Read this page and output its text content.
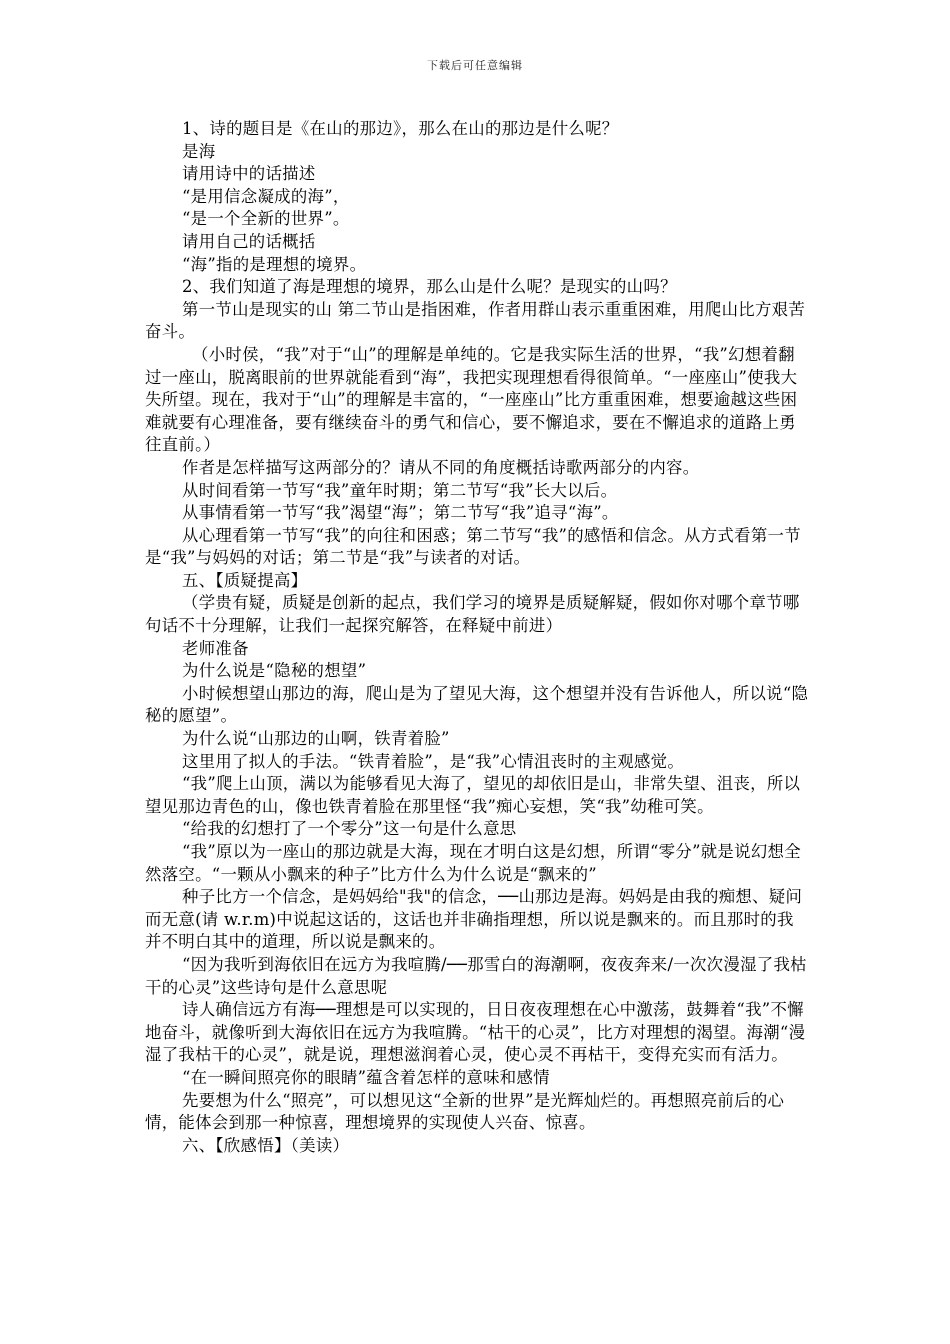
下载后可任意编辑

1、诗的题目是《在山的那边》，那么在山的那边是什么呢？

是海

请用诗中的话描述

“是用信念凝成的海”，

“是一个全新的世界”。

请用自己的话概括

“海”指的是理想的境界。

2、我们知道了海是理想的境界，那么山是什么呢？是现实的山吗？

第一节山是现实的山 第二节山是指困难，作者用群山表示重重困难，用爬山比方艰苦奋斗。

（小时侯，“我”对于“山”的理解是单纯的。它是我实际生活的世界，“我”幻想着翻过一座山，脱离眼前的世界就能看到“海”，我把实现理想看得很简单。“一座座山”使我大失所望。现在，我对于“山”的理解是丰富的，“一座座山”比方重重困难，想要逾越这些困难就要有心理准备，要有继续奋斗的勇气和信心，要不懈追求，要在不懈追求的道路上勇往直前。）

作者是怎样描写这两部分的？请从不同的角度概括诗歌两部分的内容。

从时间看第一节写“我”童年时期；第二节写“我”长大以后。

从事情看第一节写“我”渴望“海”；第二节写“我”追寻“海”。

从心理看第一节写“我”的向往和困惑；第二节写“我”的感悟和信念。从方式看第一节是“我”与妈妈的对话；第二节是“我”与读者的对话。

五、【质疑提高】

（学贵有疑，质疑是创新的起点，我们学习的境界是质疑解疑，假如你对哪个章节哪句话不十分理解，让我们一起探究解答，在释疑中前进）

老师准备

为什么说是“隐秘的想望”

小时候想望山那边的海，爬山是为了望见大海，这个想望并没有告诉他人，所以说“隐秘的愿望”。

为什么说“山那边的山啊，铁青着脸”

这里用了拟人的手法。“铁青着脸”，是“我”心情沮丧时的主观感觉。

“我”爬上山顶，满以为能够看见大海了，望见的却依旧是山，非常失望、沮丧，所以望见那边青色的山，像也铁青着脸在那里怪“我”痴心妄想，笑“我”幼稚可笑。

“给我的幻想打了一个零分”这一句是什么意思

“我”原以为一座山的那边就是大海，现在才明白这是幻想，所谓“零分”就是说幻想全然落空。“一颗从小飘来的种子”比方什么为什么说是“飘来的”

种子比方一个信念，是妈妈给"我"的信念，──山那边是海。妈妈是由我的痴想、疑问而无意(请 w.r.m)中说起这话的，这话也并非确指理想，所以说是飘来的。而且那时的我并不明白其中的道理，所以说是飘来的。

“因为我听到海依旧在远方为我喧腾/──那雪白的海潮啊，夜夜奔来/一次次漫湿了我枯干的心灵”这些诗句是什么意思呢

诗人确信远方有海──理想是可以实现的，日日夜夜理想在心中激荡，鼓舞着“我”不懈地奋斗，就像听到大海依旧在远方为我喧腾。“枯干的心灵”，比方对理想的渴望。海潮“漫湿了我枯干的心灵”，就是说，理想滋润着心灵，使心灵不再枯干，变得充实而有活力。

“在一瞬间照亮你的眼睛”蕴含着怎样的意味和感情

先要想为什么“照亮”，可以想见这“全新的世界”是光辉灿烂的。再想照亮前后的心情，能体会到那一种惊喜，理想境界的实现使人兴奋、惊喜。

六、【欣感悟】（美读）
